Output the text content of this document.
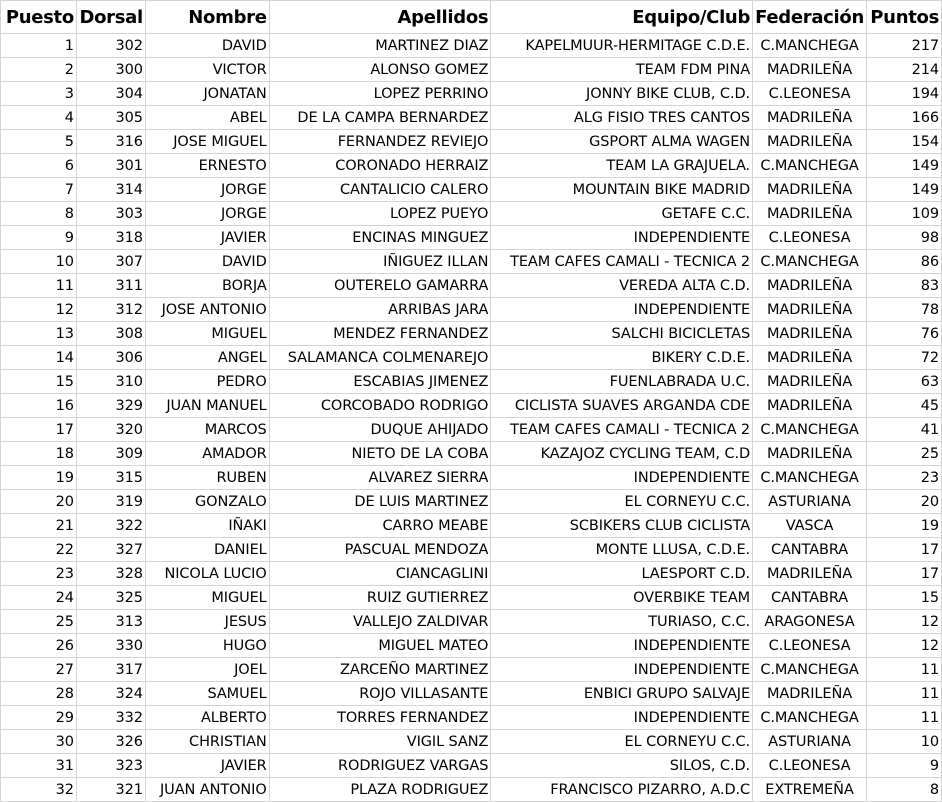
Puesto	Dorsal	Nombre	Apellidos	Equipo/Club	Federación	Puntos
1	302	DAVID	MARTINEZ DIAZ	KAPELMUUR-HERMITAGE C.D.E.	C.MANCHEGA	217
2	300	VICTOR	ALONSO GOMEZ	TEAM FDM PINA	MADRILEÑA	214
3	304	JONATAN	LOPEZ PERRINO	JONNY BIKE CLUB, C.D.	C.LEONESA	194
4	305	ABEL	DE LA CAMPA BERNARDEZ	ALG FISIO TRES CANTOS	MADRILEÑA	166
5	316	JOSE MIGUEL	FERNANDEZ REVIEJO	GSPORT ALMA WAGEN	MADRILEÑA	154
6	301	ERNESTO	CORONADO HERRAIZ	TEAM LA GRAJUELA.	C.MANCHEGA	149
7	314	JORGE	CANTALICIO CALERO	MOUNTAIN BIKE MADRID	MADRILEÑA	149
8	303	JORGE	LOPEZ PUEYO	GETAFE C.C.	MADRILEÑA	109
9	318	JAVIER	ENCINAS MINGUEZ	INDEPENDIENTE	C.LEONESA	98
10	307	DAVID	IÑIGUEZ ILLAN	TEAM CAFES CAMALI - TECNICA 2	C.MANCHEGA	86
11	311	BORJA	OUTERELO GAMARRA	VEREDA ALTA C.D.	MADRILEÑA	83
12	312	JOSE ANTONIO	ARRIBAS JARA	INDEPENDIENTE	MADRILEÑA	78
13	308	MIGUEL	MENDEZ FERNANDEZ	SALCHI BICICLETAS	MADRILEÑA	76
14	306	ANGEL	SALAMANCA COLMENAREJO	BIKERY C.D.E.	MADRILEÑA	72
15	310	PEDRO	ESCABIAS JIMENEZ	FUENLABRADA U.C.	MADRILEÑA	63
16	329	JUAN MANUEL	CORCOBADO RODRIGO	CICLISTA SUAVES ARGANDA CDE	MADRILEÑA	45
17	320	MARCOS	DUQUE AHIJADO	TEAM CAFES CAMALI - TECNICA 2	C.MANCHEGA	41
18	309	AMADOR	NIETO DE LA COBA	KAZAJOZ CYCLING TEAM, C.D	MADRILEÑA	25
19	315	RUBEN	ALVAREZ SIERRA	INDEPENDIENTE	C.MANCHEGA	23
20	319	GONZALO	DE LUIS MARTINEZ	EL CORNEYU C.C.	ASTURIANA	20
21	322	IÑAKI	CARRO MEABE	SCBIKERS CLUB CICLISTA	VASCA	19
22	327	DANIEL	PASCUAL MENDOZA	MONTE LLUSA, C.D.E.	CANTABRA	17
23	328	NICOLA LUCIO	CIANCAGLINI	LAESPORT C.D.	MADRILEÑA	17
24	325	MIGUEL	RUIZ GUTIERREZ	OVERBIKE TEAM	CANTABRA	15
25	313	JESUS	VALLEJO ZALDIVAR	TURIASO, C.C.	ARAGONESA	12
26	330	HUGO	MIGUEL MATEO	INDEPENDIENTE	C.LEONESA	12
27	317	JOEL	ZARCEÑO MARTINEZ	INDEPENDIENTE	C.MANCHEGA	11
28	324	SAMUEL	ROJO VILLASANTE	ENBICI GRUPO SALVAJE	MADRILEÑA	11
29	332	ALBERTO	TORRES FERNANDEZ	INDEPENDIENTE	C.MANCHEGA	11
30	326	CHRISTIAN	VIGIL SANZ	EL CORNEYU C.C.	ASTURIANA	10
31	323	JAVIER	RODRIGUEZ VARGAS	SILOS, C.D.	C.LEONESA	9
32	321	JUAN ANTONIO	PLAZA RODRIGUEZ	FRANCISCO PIZARRO, A.D.C	EXTREMEÑA	8
